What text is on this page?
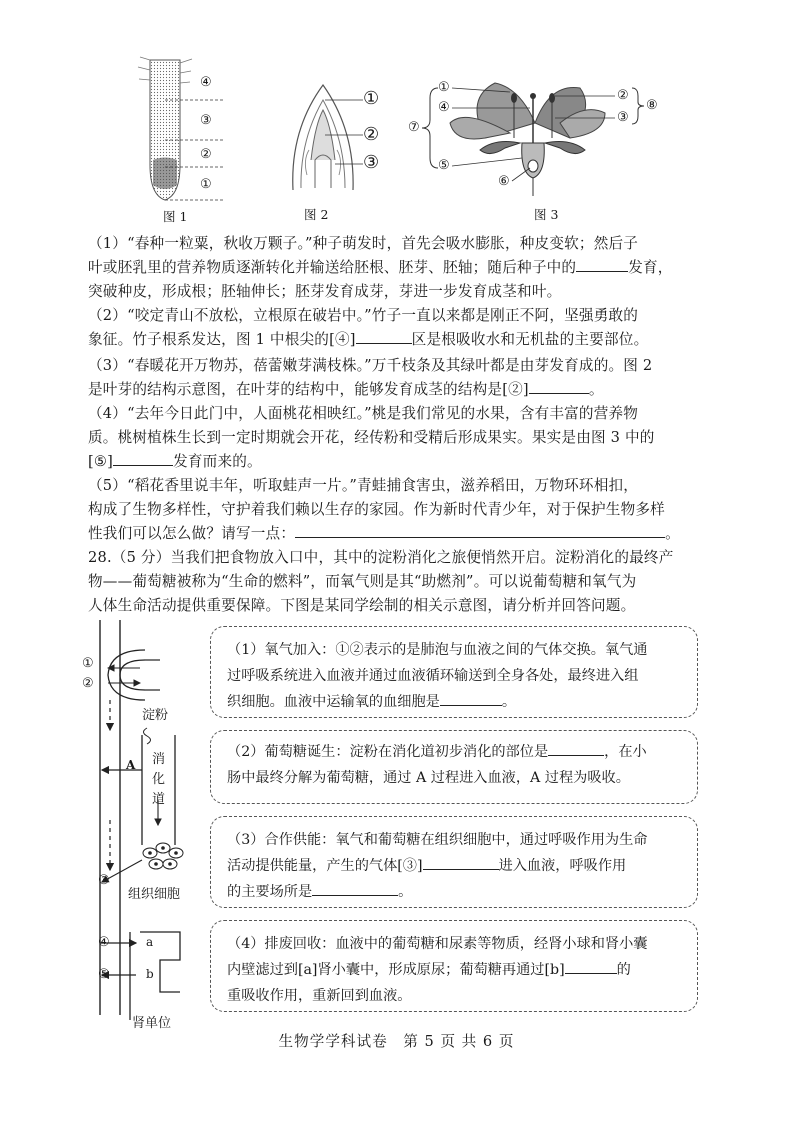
④
③
②
①
图 1
①
②
③
图 2
①
④
⑦
⑤
⑥
②
③
⑧
图 3
（1）“春种一粒粟，秋收万颗子。”种子萌发时，首先会吸水膨胀，种皮变软；然后子
叶或胚乳里的营养物质逐渐转化并输送给胚根、胚芽、胚轴；随后种子中的	发育，
突破种皮，形成根；胚轴伸长；胚芽发育成芽，芽进一步发育成茎和叶。
（2）“咬定青山不放松，立根原在破岩中。”竹子一直以来都是刚正不阿，坚强勇敢的
象征。竹子根系发达，图 1 中根尖的[④]	区是根吸收水和无机盐的主要部位。
（3）“春暖花开万物苏，蓓蕾嫩芽满枝株。”万千枝条及其绿叶都是由芽发育成的。图 2
是叶芽的结构示意图，在叶芽的结构中，能够发育成茎的结构是[②]	。
（4）“去年今日此门中，人面桃花相映红。”桃是我们常见的水果，含有丰富的营养物
质。桃树植株生长到一定时期就会开花，经传粉和受精后形成果实。果实是由图 3 中的
[⑤]	发育而来的。
（5）“稻花香里说丰年，听取蛙声一片。”青蛙捕食害虫，滋养稻田，万物环环相扣，
构成了生物多样性，守护着我们赖以生存的家园。作为新时代青少年，对于保护生物多样
性我们可以怎么做？请写一点：	。
28.（5 分）当我们把食物放入口中，其中的淀粉消化之旅便悄然开启。淀粉消化的最终产
物——葡萄糖被称为“生命的燃料”，而氧气则是其“助燃剂”。可以说葡萄糖和氧气为
人体生命活动提供重要保障。下图是某同学绘制的相关示意图，请分析并回答问题。
①
②
淀粉
消
化
道
A
③
组织细胞
④
⑤
a
b
肾单位

（1）氧气加入：①②表示的是肺泡与血液之间的气体交换。氧气通

过呼吸系统进入血液并通过血液循环输送到全身各处，最终进入组

织细胞。血液中运输氧的血细胞是	。

（2）葡萄糖诞生：淀粉在消化道初步消化的部位是	，在小

肠中最终分解为葡萄糖，通过 A 过程进入血液，A 过程为吸收。

（3）合作供能：氧气和葡萄糖在组织细胞中，通过呼吸作用为生命

活动提供能量，产生的气体[③]	进入血液，呼吸作用

的主要场所是	。

（4）排废回收：血液中的葡萄糖和尿素等物质，经肾小球和肾小囊

内壁滤过到[a]肾小囊中，形成原尿；葡萄糖再通过[b]	的

重吸收作用，重新回到血液。

生物学学科试卷　第 5 页 共 6 页
